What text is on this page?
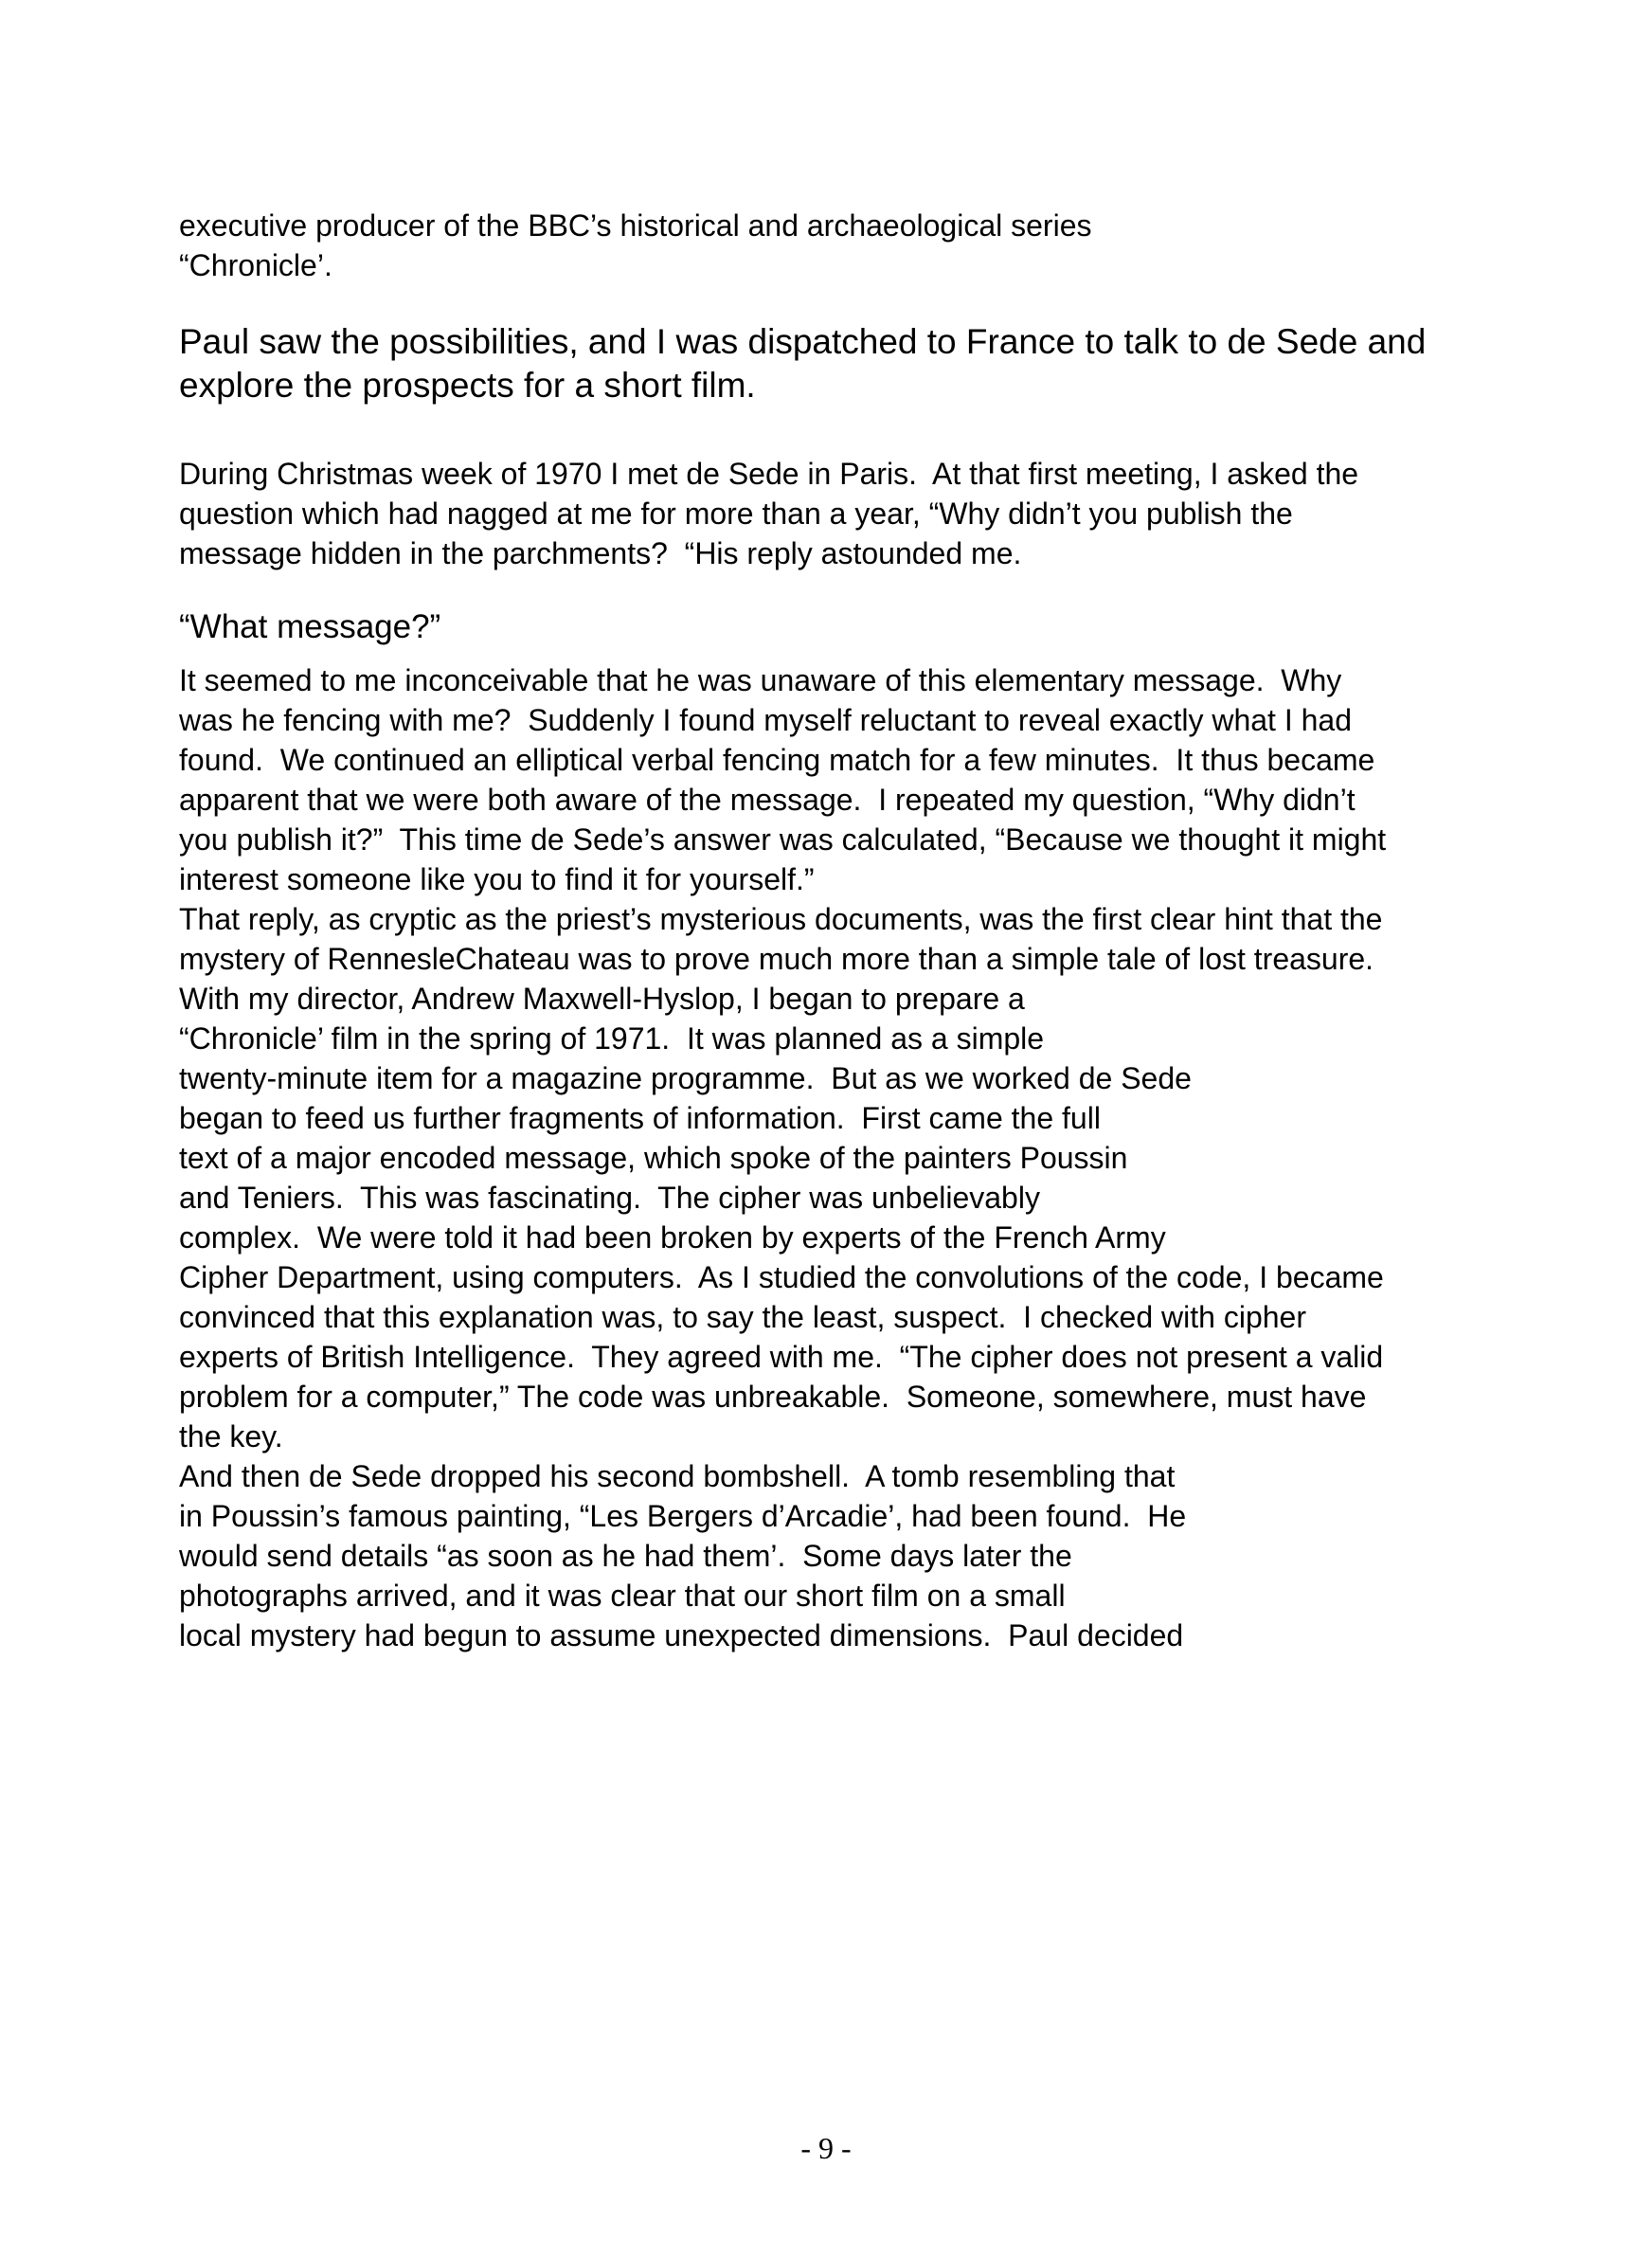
executive producer of the BBC’s historical and archaeological series
“Chronicle’.
Paul saw the possibilities, and I was dispatched to France to talk to de Sede and
explore the prospects for a short film.
During Christmas week of 1970 I met de Sede in Paris.  At that first meeting, I asked the
question which had nagged at me for more than a year, “Why didn’t you publish the
message hidden in the parchments?  “His reply astounded me.
“What message?”
It seemed to me inconceivable that he was unaware of this elementary message.  Why
was he fencing with me?  Suddenly I found myself reluctant to reveal exactly what I had
found.  We continued an elliptical verbal fencing match for a few minutes.  It thus became
apparent that we were both aware of the message.  I repeated my question, “Why didn’t
you publish it?”  This time de Sede’s answer was calculated, “Because we thought it might
interest someone like you to find it for yourself.”
That reply, as cryptic as the priest’s mysterious documents, was the first clear hint that the
mystery of RennesleChateau was to prove much more than a simple tale of lost treasure.
With my director, Andrew Maxwell-Hyslop, I began to prepare a
“Chronicle’ film in the spring of 1971.  It was planned as a simple
twenty-minute item for a magazine programme.  But as we worked de Sede
began to feed us further fragments of information.  First came the full
text of a major encoded message, which spoke of the painters Poussin
and Teniers.  This was fascinating.  The cipher was unbelievably
complex.  We were told it had been broken by experts of the French Army
Cipher Department, using computers.  As I studied the convolutions of the code, I became
convinced that this explanation was, to say the least, suspect.  I checked with cipher
experts of British Intelligence.  They agreed with me.  “The cipher does not present a valid
problem for a computer,” The code was unbreakable.  Someone, somewhere, must have
the key.
And then de Sede dropped his second bombshell.  A tomb resembling that
in Poussin’s famous painting, “Les Bergers d’Arcadie’, had been found.  He
would send details “as soon as he had them’.  Some days later the
photographs arrived, and it was clear that our short film on a small
local mystery had begun to assume unexpected dimensions.  Paul decided
- 9 -
